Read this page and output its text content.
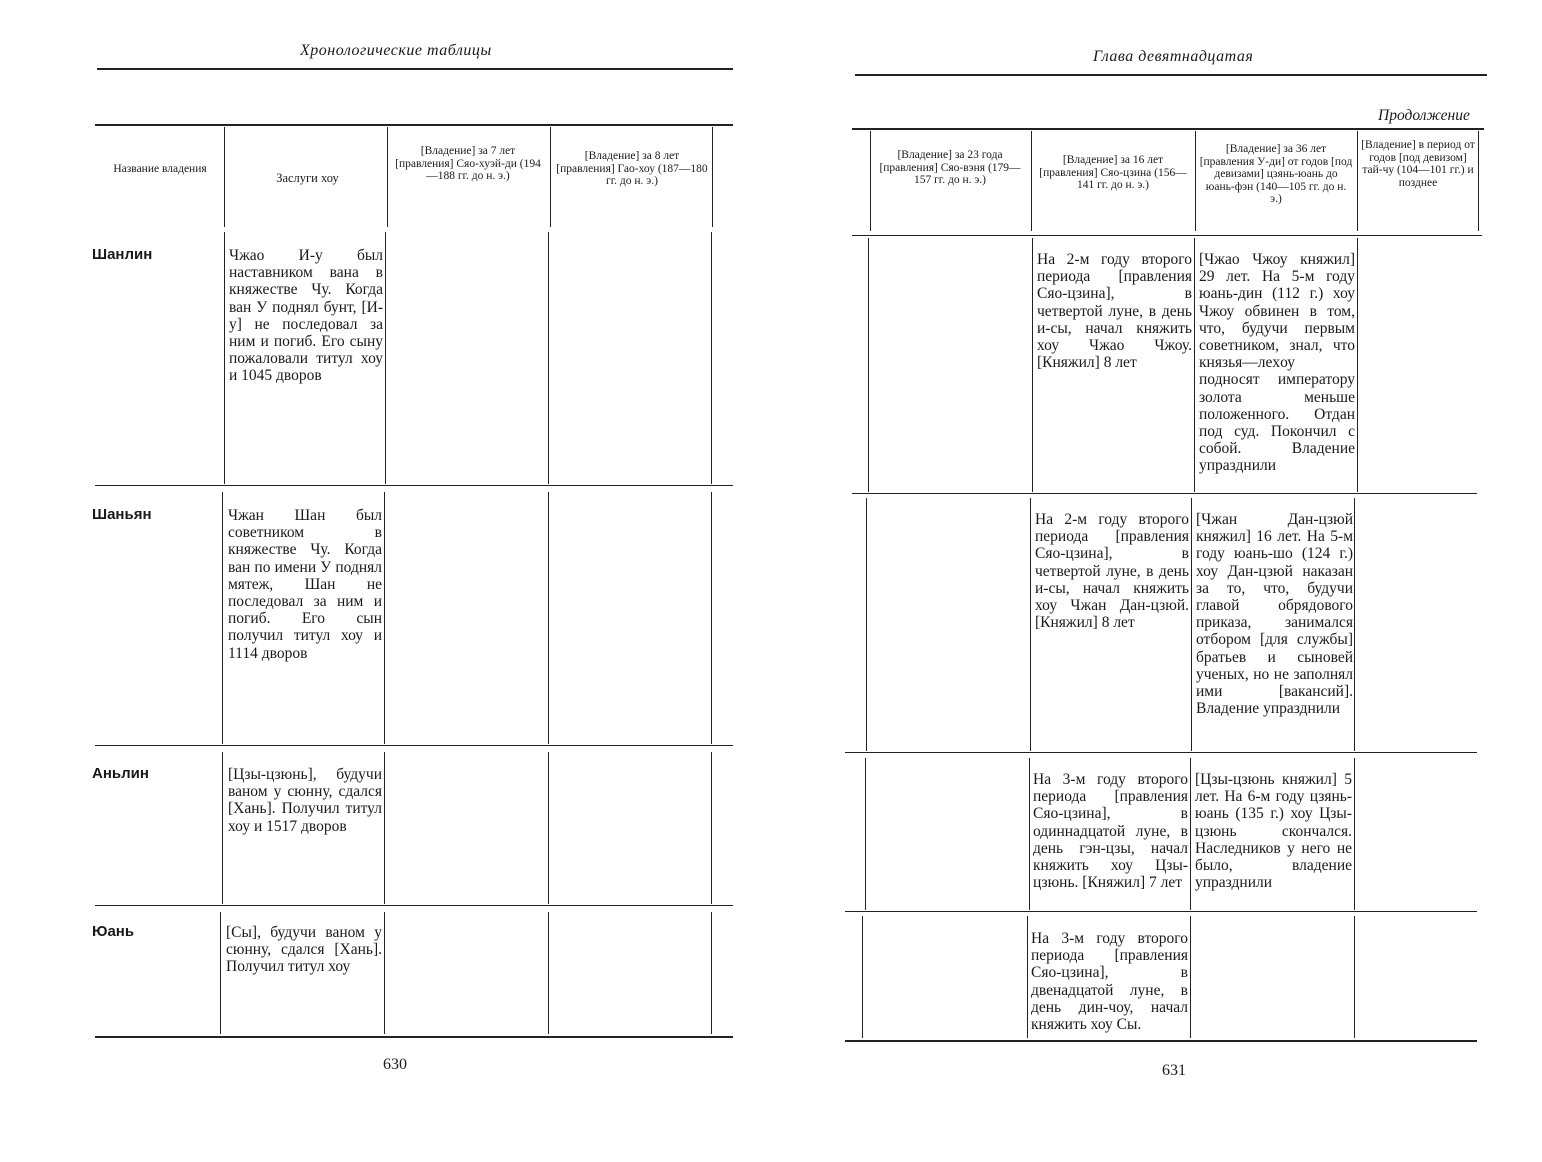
Хронологические таблицы
Название владения
Заслуги хоу
[Владение] за 7 лет [правления] Сяо-хуэй-ди (194—188 гг. до н. э.)
[Владение] за 8 лет [правления] Гао-хоу (187—180 гг. до н. э.)
Шанлин
Шаньян
Аньлин
Юань
Чжао И-у был наставником вана в княжестве Чу. Когда ван У поднял бунт, [И-у] не последовал за ним и погиб. Его сыну пожаловали титул хоу и 1045 дворов
Чжан Шан был советником в княжестве Чу. Когда ван по имени У поднял мятеж, Шан не последовал за ним и погиб. Его сын получил титул хоу и 1114 дворов
[Цзы-цзюнь], будучи ваном у сюнну, сдался [Хань]. Получил титул хоу и 1517 дворов
[Сы], будучи ваном у сюнну, сдался [Хань]. Получил титул хоу
630
Глава девятнадцатая
Продолжение
[Владение] за 23 года [правления] Сяо-вэня (179—157 гг. до н. э.)
[Владение] за 16 лет [правления] Сяо-цзина (156—141 гг. до н. э.)
[Владение] за 36 лет [правления У-ди] от годов [под девизами] цзянь-юань до юань-фэн (140—105 гг. до н. э.)
[Владение] в период от годов [под девизом] тай-чу (104—101 гг.) и позднее
На 2-м году второго периода [правления Сяо-цзина], в четвертой луне, в день и-сы, начал княжить хоу Чжао Чжоу. [Княжил] 8 лет
На 2-м году второго периода [правления Сяо-цзина], в четвертой луне, в день и-сы, начал княжить хоу Чжан Дан-цзюй. [Княжил] 8 лет
На 3-м году второго периода [правления Сяо-цзина], в одиннадцатой луне, в день гэн-цзы, начал княжить хоу Цзы-цзюнь. [Княжил] 7 лет
На 3-м году второго периода [правления Сяо-цзина], в двенадцатой луне, в день дин-чоу, начал княжить хоу Сы.
[Чжао Чжоу княжил] 29 лет. На 5-м году юань-дин (112 г.) хоу Чжоу обвинен в том, что, будучи первым советником, знал, что князья—леxоу подносят императору золота меньше положенного. Отдан под суд. Покончил с собой. Владение упразднили
[Чжан Дан-цзюй княжил] 16 лет. На 5-м году юань-шо (124 г.) хоу Дан-цзюй наказан за то, что, будучи главой обрядового приказа, занимался отбором [для службы] братьев и сыновей ученых, но не заполнял ими [вакансий]. Владение упразднили
[Цзы-цзюнь княжил] 5 лет. На 6-м году цзянь-юань (135 г.) хоу Цзы-цзюнь скончался. Наследников у него не было, владение упразднили
631
